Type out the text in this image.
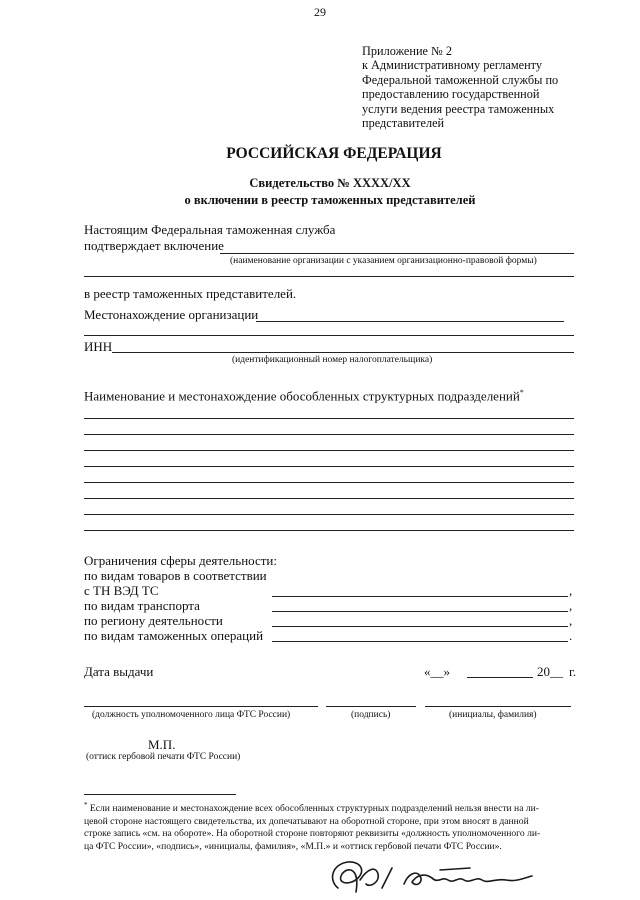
29
Приложение № 2
к Административному регламенту
Федеральной таможенной службы по
предоставлению государственной
услуги ведения реестра таможенных
представителей
РОССИЙСКАЯ ФЕДЕРАЦИЯ
Свидетельство № ХХХХ/ХХ
о включении в реестр таможенных представителей
Настоящим Федеральная таможенная служба
подтверждает включение
(наименование организации с указанием организационно-правовой формы)
в реестр таможенных представителей.
Местонахождение организации
ИНН
(идентификационный номер налогоплательщика)
Наименование и местонахождение обособленных структурных подразделений*
Ограничения сферы деятельности:
по видам товаров в соответствии
с ТН ВЭД ТС	,
по видам транспорта	,
по региону деятельности	,
по видам таможенных операций	.
Дата выдачи	«__»	20__ г.
(должность уполномоченного лица ФТС России)	(подпись)	(инициалы, фамилия)
М.П.
(оттиск гербовой печати ФТС России)
* Если наименование и местонахождение всех обособленных структурных подразделений нельзя внести на ли-
цевой стороне настоящего свидетельства, их допечатывают на оборотной стороне, при этом вносят в данной
строке запись «см. на обороте». На оборотной стороне повторяют реквизиты «должность уполномоченного ли-
ца ФТС России», «подпись», «инициалы, фамилия», «М.П.» и «оттиск гербовой печати ФТС России».
